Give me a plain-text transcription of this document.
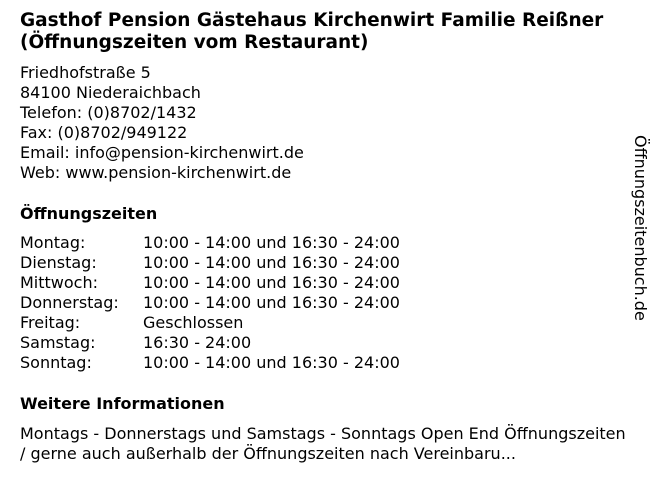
Gasthof Pension Gästehaus Kirchenwirt Familie Reißner (Öffnungszeiten vom Restaurant)
Friedhofstraße 5
84100 Niederaichbach
Telefon: (0)8702/1432
Fax: (0)8702/949122
Email: info@pension-kirchenwirt.de
Web: www.pension-kirchenwirt.de
Öffnungszeiten
Montag:	10:00 - 14:00 und 16:30 - 24:00
Dienstag:	10:00 - 14:00 und 16:30 - 24:00
Mittwoch:	10:00 - 14:00 und 16:30 - 24:00
Donnerstag:	10:00 - 14:00 und 16:30 - 24:00
Freitag:	Geschlossen
Samstag:	16:30 - 24:00
Sonntag:	10:00 - 14:00 und 16:30 - 24:00
Weitere Informationen
Montags - Donnerstags und Samstags - Sonntags Open End Öffnungszeiten / gerne auch außerhalb der Öffnungszeiten nach Vereinbaru...
Öffnungszeitenbuch.de
